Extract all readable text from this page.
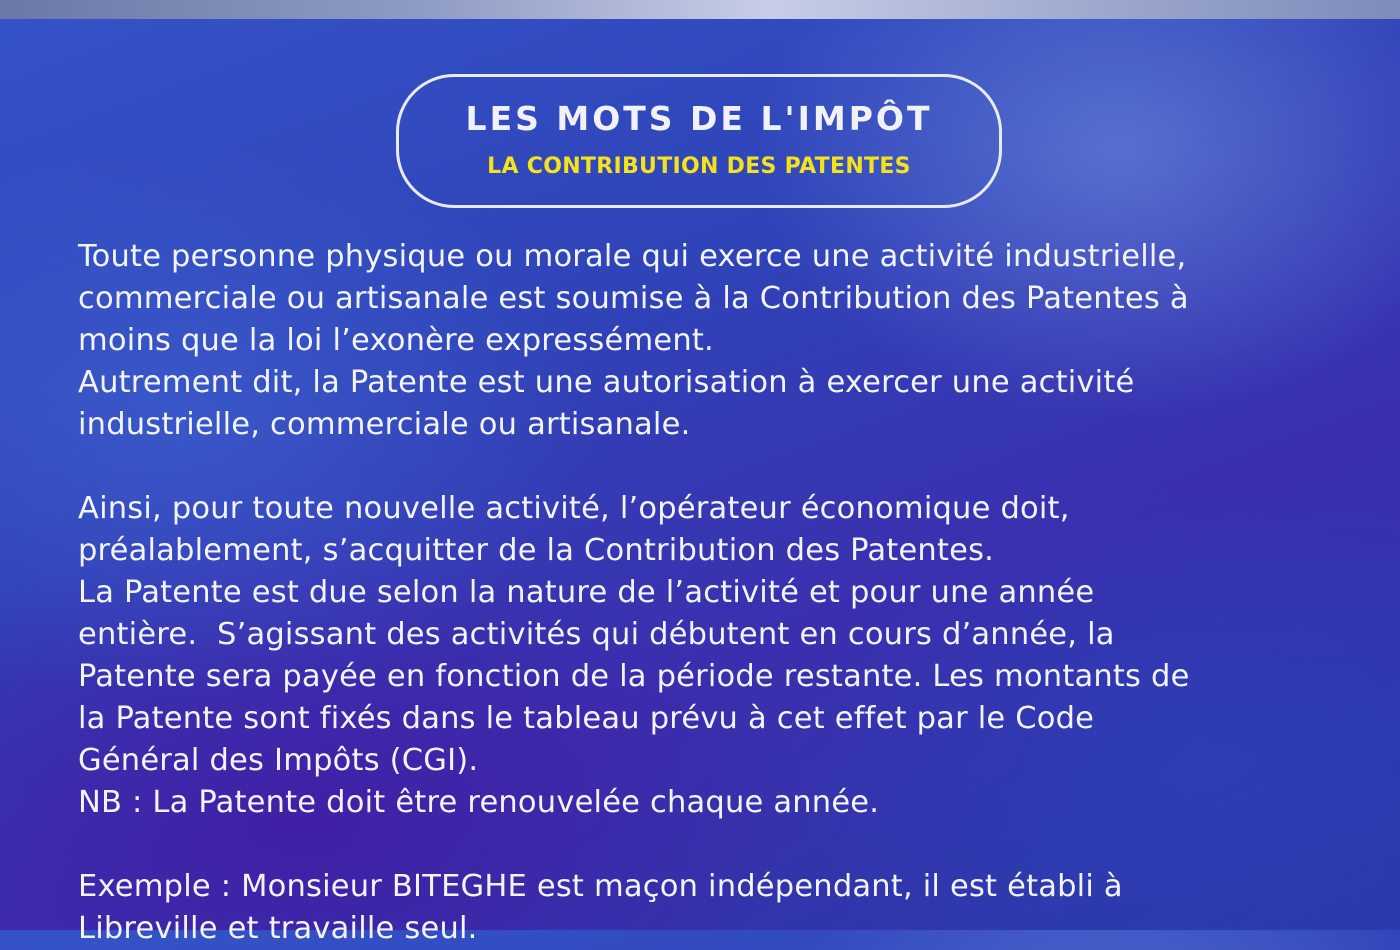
LES MOTS DE L'IMPÔT
LA CONTRIBUTION DES PATENTES
Toute personne physique ou morale qui exerce une activité industrielle,
commerciale ou artisanale est soumise à la Contribution des Patentes à
moins que la loi l’exonère expressément.
Autrement dit, la Patente est une autorisation à exercer une activité
industrielle, commerciale ou artisanale.
Ainsi, pour toute nouvelle activité, l’opérateur économique doit,
préalablement, s’acquitter de la Contribution des Patentes.
La Patente est due selon la nature de l’activité et pour une année
entière.  S’agissant des activités qui débutent en cours d’année, la
Patente sera payée en fonction de la période restante. Les montants de
la Patente sont fixés dans le tableau prévu à cet effet par le Code
Général des Impôts (CGI).
NB : La Patente doit être renouvelée chaque année.
Exemple : Monsieur BITEGHE est maçon indépendant, il est établi à
Libreville et travaille seul.
